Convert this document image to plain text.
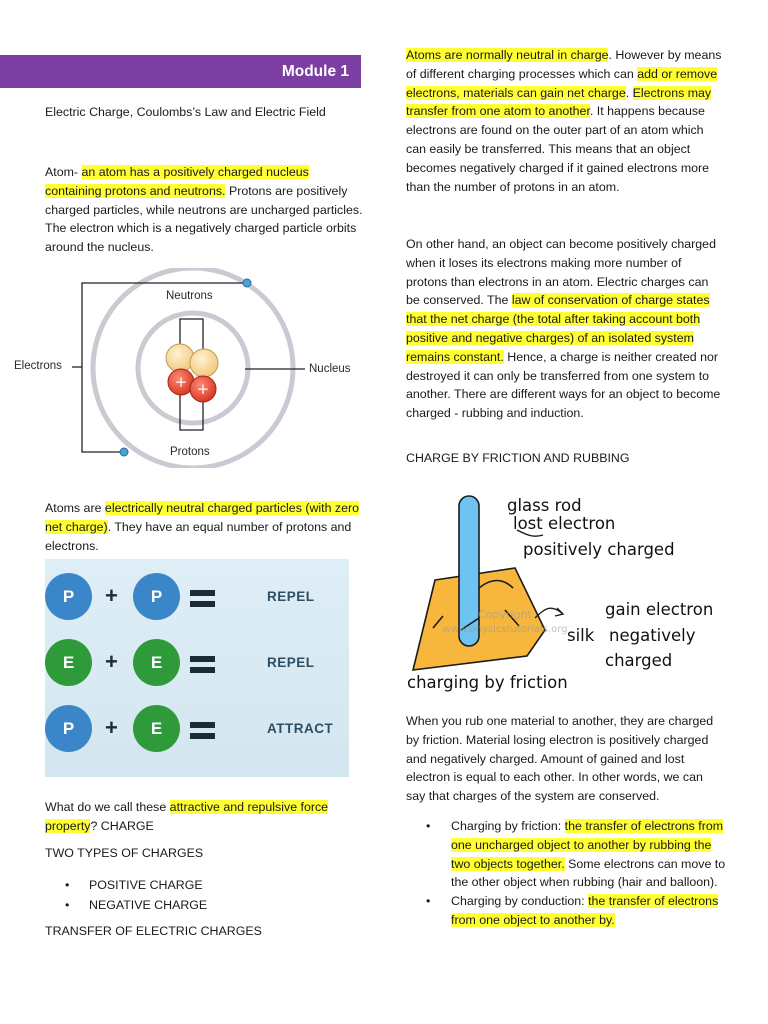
Module 1
Electric Charge, Coulombs’s Law and Electric Field
Atom- an atom has a positively charged nucleus containing protons and neutrons. Protons are positively charged particles, while neutrons are uncharged particles. The electron which is a negatively charged particle orbits around the nucleus.
+ +
Neutrons
Electrons	Nucleus
Protons
Atoms are electrically neutral charged particles (with zero net charge). They have an equal number of protons and electrons.
P	+	P	REPEL
E	+	E	REPEL
P	+	E	ATTRACT
What do we call these attractive and repulsive force property? CHARGE
TWO TYPES OF CHARGES
• POSITIVE CHARGE
• NEGATIVE CHARGE
TRANSFER OF ELECTRIC CHARGES
Atoms are normally neutral in charge. However by means of different charging processes which can add or remove electrons, materials can gain net charge. Electrons may transfer from one atom to another. It happens because electrons are found on the outer part of an atom which can easily be transferred. This means that an object becomes negatively charged if it gained electrons more than the number of protons in an atom.
On other hand, an object can become positively charged when it loses its electrons making more number of protons than electrons in an atom. Electric charges can be conserved. The law of conservation of charge states that the net charge (the total after taking account both positive and negative charges) of an isolated system remains constant. Hence, a charge is neither created nor destroyed it can only be transferred from one system to another. There are different ways for an object to become charged - rubbing and induction.
CHARGE BY FRICTION AND RUBBING
Copyright
www.physicstutorials.org
glass rod
lost electron
positively charged
gain electron
silk negatively
charged
charging by friction
When you rub one material to another, they are charged by friction. Material losing electron is positively charged and negatively charged. Amount of gained and lost electron is equal to each other. In other words, we can say that charges of the system are conserved.
• Charging by friction: the transfer of electrons from one uncharged object to another by rubbing the two objects together. Some electrons can move to the other object when rubbing (hair and balloon).
• Charging by conduction: the transfer of electrons from one object to another by.
